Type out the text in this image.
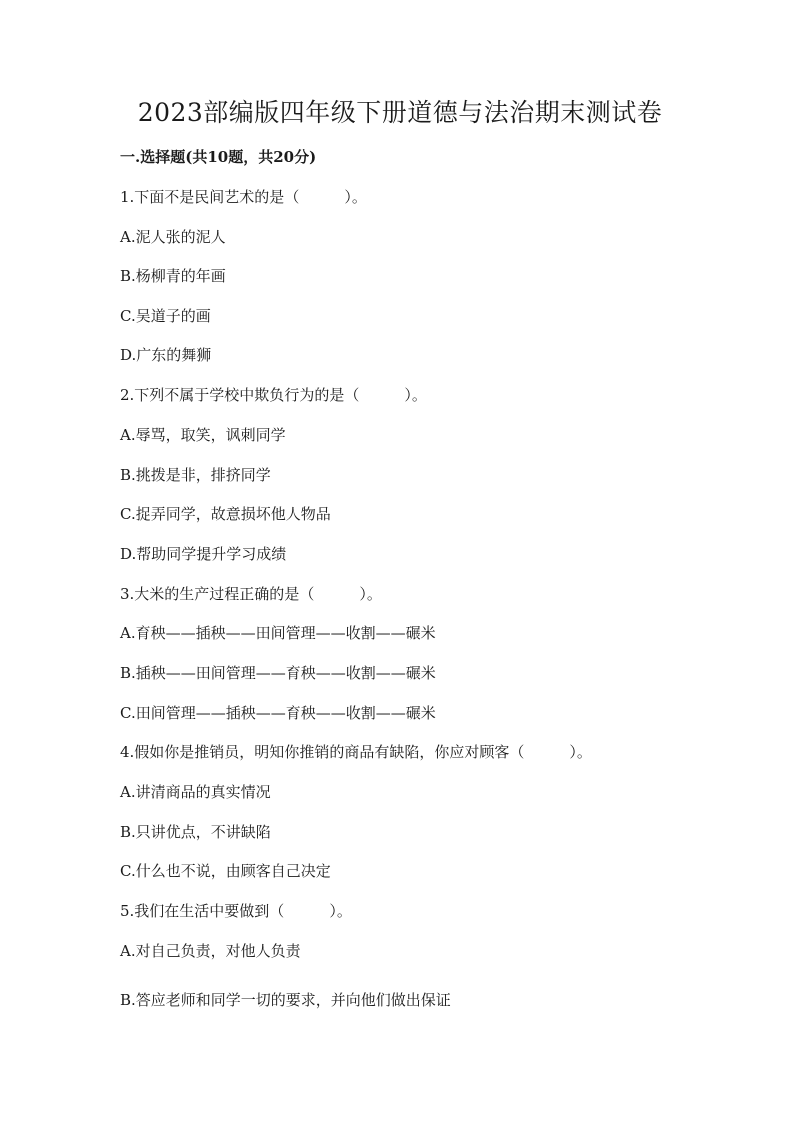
2023部编版四年级下册道德与法治期末测试卷
一.选择题(共10题，共20分)
1.下面不是民间艺术的是（　　　）。
A.泥人张的泥人
B.杨柳青的年画
C.吴道子的画
D.广东的舞狮
2.下列不属于学校中欺负行为的是（　　　）。
A.辱骂，取笑，讽刺同学
B.挑拨是非，排挤同学
C.捉弄同学，故意损坏他人物品
D.帮助同学提升学习成绩
3.大米的生产过程正确的是（　　　）。
A.育秧——插秧——田间管理——收割——碾米
B.插秧——田间管理——育秧——收割——碾米
C.田间管理——插秧——育秧——收割——碾米
4.假如你是推销员，明知你推销的商品有缺陷，你应对顾客（　　　）。
A.讲清商品的真实情况
B.只讲优点，不讲缺陷
C.什么也不说，由顾客自己决定
5.我们在生活中要做到（　　　）。
A.对自己负责，对他人负责
B.答应老师和同学一切的要求，并向他们做出保证
